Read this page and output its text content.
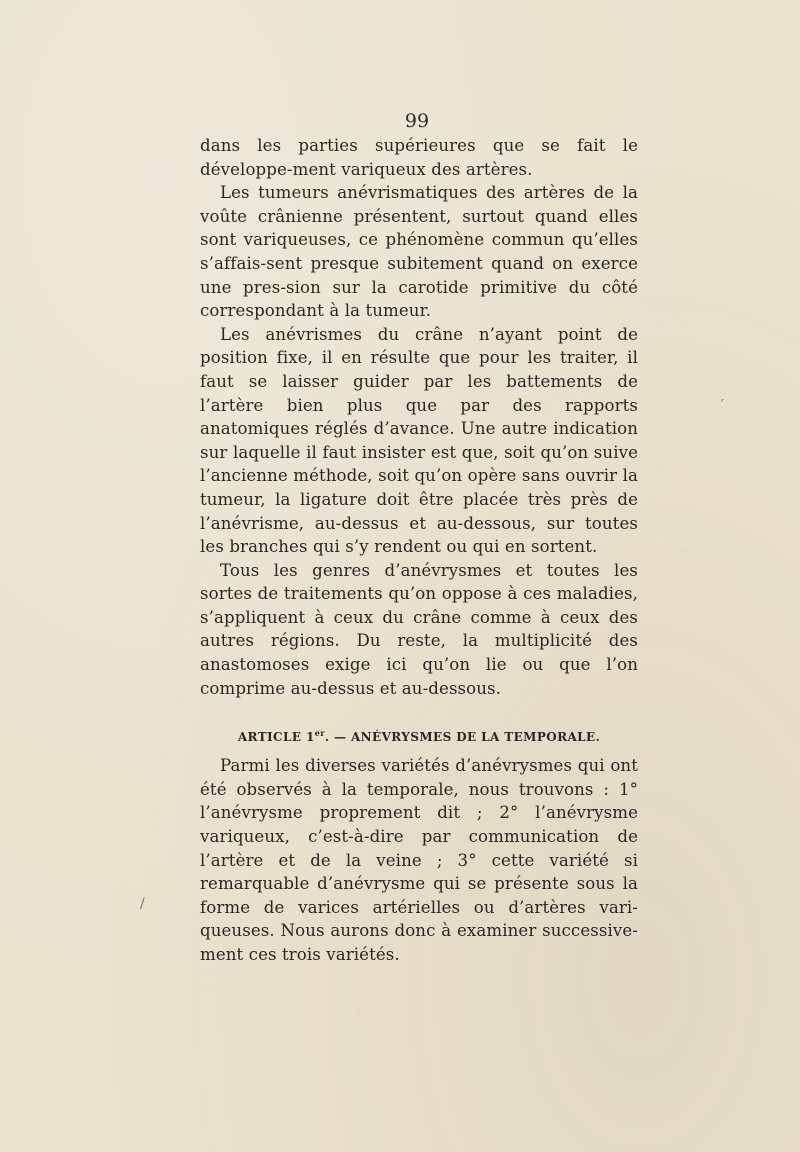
99

dans les parties supérieures que se fait le développe-ment variqueux des artères.

Les tumeurs anévrismatiques des artères de la voûte crânienne présentent, surtout quand elles sont variqueuses, ce phénomène commun qu’elles s’affais-sent presque subitement quand on exerce une pres-sion sur la carotide primitive du côté correspondant à la tumeur.

Les anévrismes du crâne n’ayant point de position fixe, il en résulte que pour les traiter, il faut se laisser guider par les battements de l’artère bien plus que par des rapports anatomiques réglés d’avance. Une autre indication sur laquelle il faut insister est que, soit qu’on suive l’ancienne méthode, soit qu’on opère sans ouvrir la tumeur, la ligature doit être placée très près de l’anévrisme, au-dessus et au-dessous, sur toutes les branches qui s’y rendent ou qui en sortent.

Tous les genres d’anévrysmes et toutes les sortes de traitements qu’on oppose à ces maladies, s’appliquent à ceux du crâne comme à ceux des autres régions. Du reste, la multiplicité des anastomoses exige ici qu’on lie ou que l’on comprime au-dessus et au-dessous.

ARTICLE 1er. — ANÉVRYSMES DE LA TEMPORALE.

Parmi les diverses variétés d’anévrysmes qui ont été observés à la temporale, nous trouvons : 1° l’anévrysme proprement dit ; 2° l’anévrysme variqueux, c’est-à-dire par communication de l’artère et de la veine ; 3° cette variété si remarquable d’anévrysme qui se présente sous la forme de varices artérielles ou d’artères vari-queuses. Nous aurons donc à examiner successive-ment ces trois variétés.

/
ˊ
